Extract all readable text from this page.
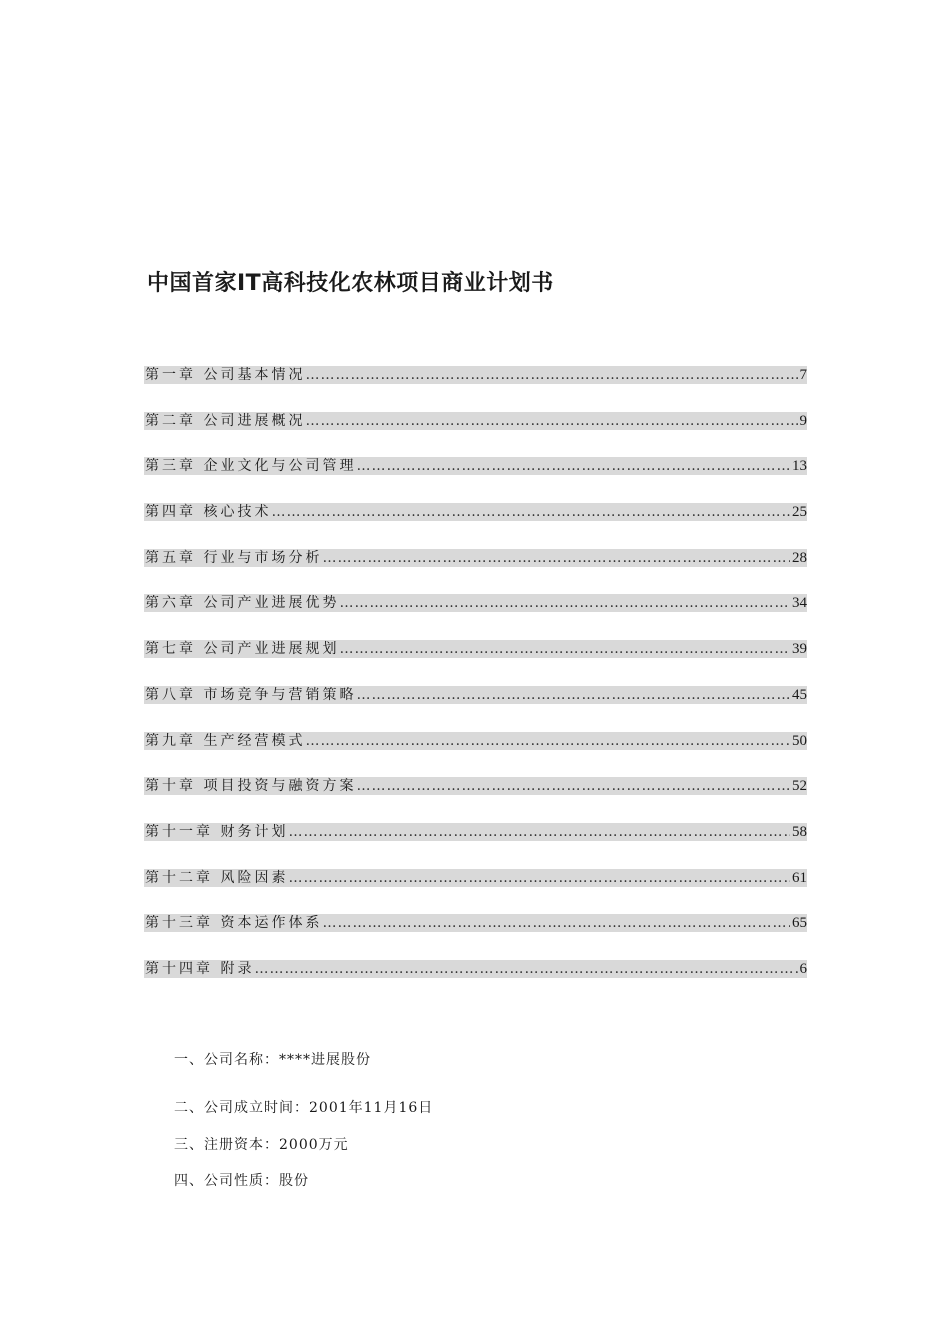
中国首家IT高科技化农林项目商业计划书
第一章 公司基本情况 …………………………………………………………………………………………………………………………………………………………	7
第二章 公司进展概况 …………………………………………………………………………………………………………………………………………………………	9
第三章 企业文化与公司管理 …………………………………………………………………………………………………………………………………………………………	13
第四章 核心技术 …………………………………………………………………………………………………………………………………………………………	25
第五章 行业与市场分析 …………………………………………………………………………………………………………………………………………………………	28
第六章 公司产业进展优势 …………………………………………………………………………………………………………………………………………………………	34
第七章 公司产业进展规划 …………………………………………………………………………………………………………………………………………………………	39
第八章 市场竞争与营销策略 …………………………………………………………………………………………………………………………………………………………	45
第九章 生产经营模式 …………………………………………………………………………………………………………………………………………………………	50
第十章 项目投资与融资方案 …………………………………………………………………………………………………………………………………………………………	52
第十一章 财务计划 …………………………………………………………………………………………………………………………………………………………	58
第十二章 风险因素 …………………………………………………………………………………………………………………………………………………………	61
第十三章 资本运作体系 …………………………………………………………………………………………………………………………………………………………	65
第十四章 附录 …………………………………………………………………………………………………………………………………………………………	6
一、公司名称：****进展股份
二、公司成立时间：2001年11月16日
三、注册资本：2000万元
四、公司性质：股份
